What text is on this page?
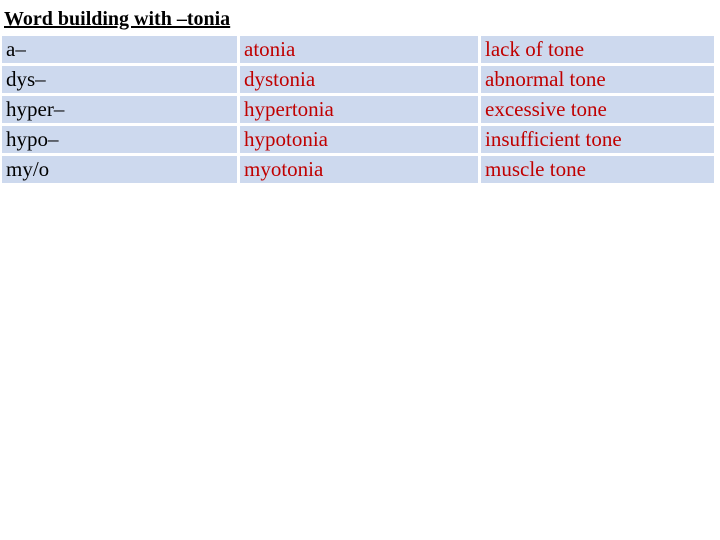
Word building with –tonia
a–	atonia	lack of tone
dys–	dystonia	abnormal tone
hyper–	hypertonia	excessive tone
hypo–	hypotonia	insufficient tone
my/o	myotonia	muscle tone
